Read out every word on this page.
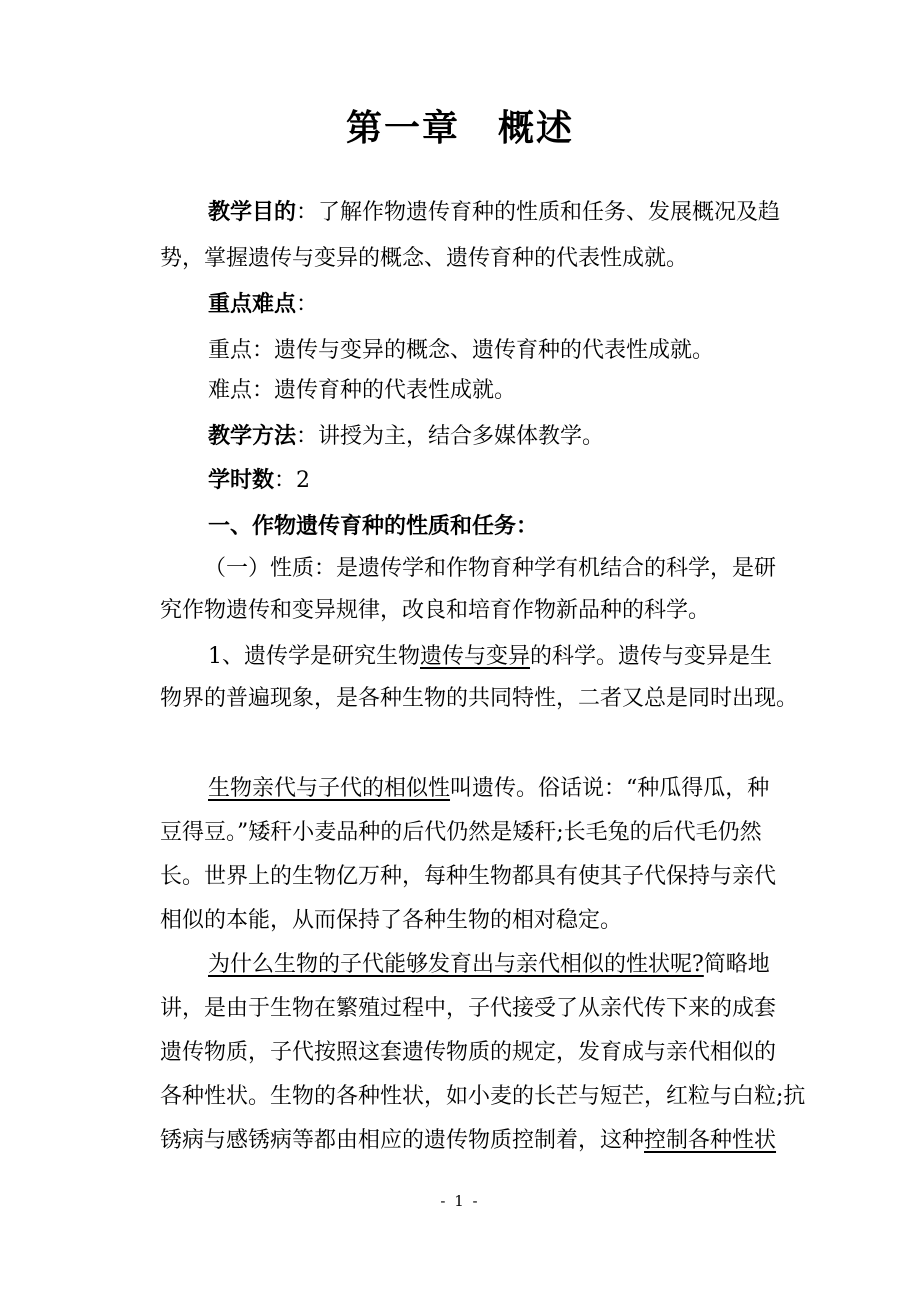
第一章　概述

教学目的：了解作物遗传育种的性质和任务、发展概况及趋

势，掌握遗传与变异的概念、遗传育种的代表性成就。

重点难点：

重点：遗传与变异的概念、遗传育种的代表性成就。

难点：遗传育种的代表性成就。

教学方法：讲授为主，结合多媒体教学。

学时数：2

一、作物遗传育种的性质和任务：

（一）性质：是遗传学和作物育种学有机结合的科学，是研

究作物遗传和变异规律，改良和培育作物新品种的科学。

1、遗传学是研究生物遗传与变异的科学。遗传与变异是生

物界的普遍现象，是各种生物的共同特性，二者又总是同时出现。

生物亲代与子代的相似性叫遗传。俗话说：“种瓜得瓜，种

豆得豆。”矮秆小麦品种的后代仍然是矮秆;长毛兔的后代毛仍然

长。世界上的生物亿万种，每种生物都具有使其子代保持与亲代

相似的本能，从而保持了各种生物的相对稳定。

为什么生物的子代能够发育出与亲代相似的性状呢?简略地

讲，是由于生物在繁殖过程中，子代接受了从亲代传下来的成套

遗传物质，子代按照这套遗传物质的规定，发育成与亲代相似的

各种性状。生物的各种性状，如小麦的长芒与短芒，红粒与白粒;抗

锈病与感锈病等都由相应的遗传物质控制着，这种控制各种性状

- 1 -
